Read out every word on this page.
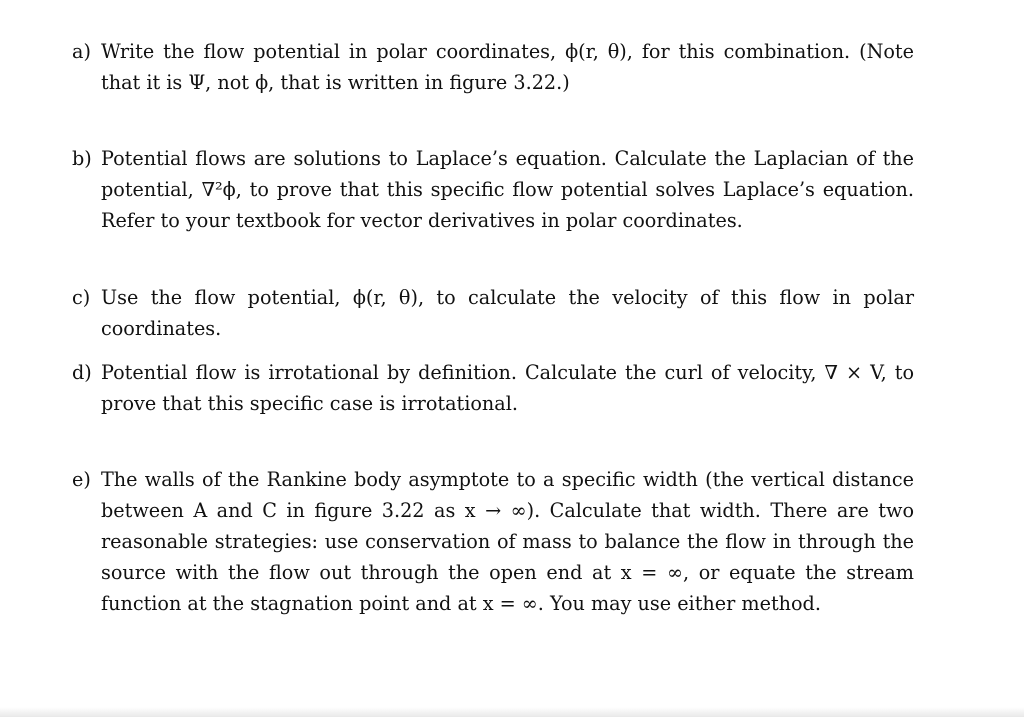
a) Write the flow potential in polar coordinates, ϕ(r, θ), for this combination. (Note that it is Ψ, not ϕ, that is written in figure 3.22.)
b) Potential flows are solutions to Laplace’s equation. Calculate the Laplacian of the potential, ∇²ϕ, to prove that this specific flow potential solves Laplace’s equation. Refer to your textbook for vector derivatives in polar coordinates.
c) Use the flow potential, ϕ(r, θ), to calculate the velocity of this flow in polar coordinates.
d) Potential flow is irrotational by definition. Calculate the curl of velocity, ∇ × V, to prove that this specific case is irrotational.
e) The walls of the Rankine body asymptote to a specific width (the vertical distance between A and C in figure 3.22 as x → ∞). Calculate that width. There are two reasonable strategies: use conservation of mass to balance the flow in through the source with the flow out through the open end at x = ∞, or equate the stream function at the stagnation point and at x = ∞. You may use either method.
